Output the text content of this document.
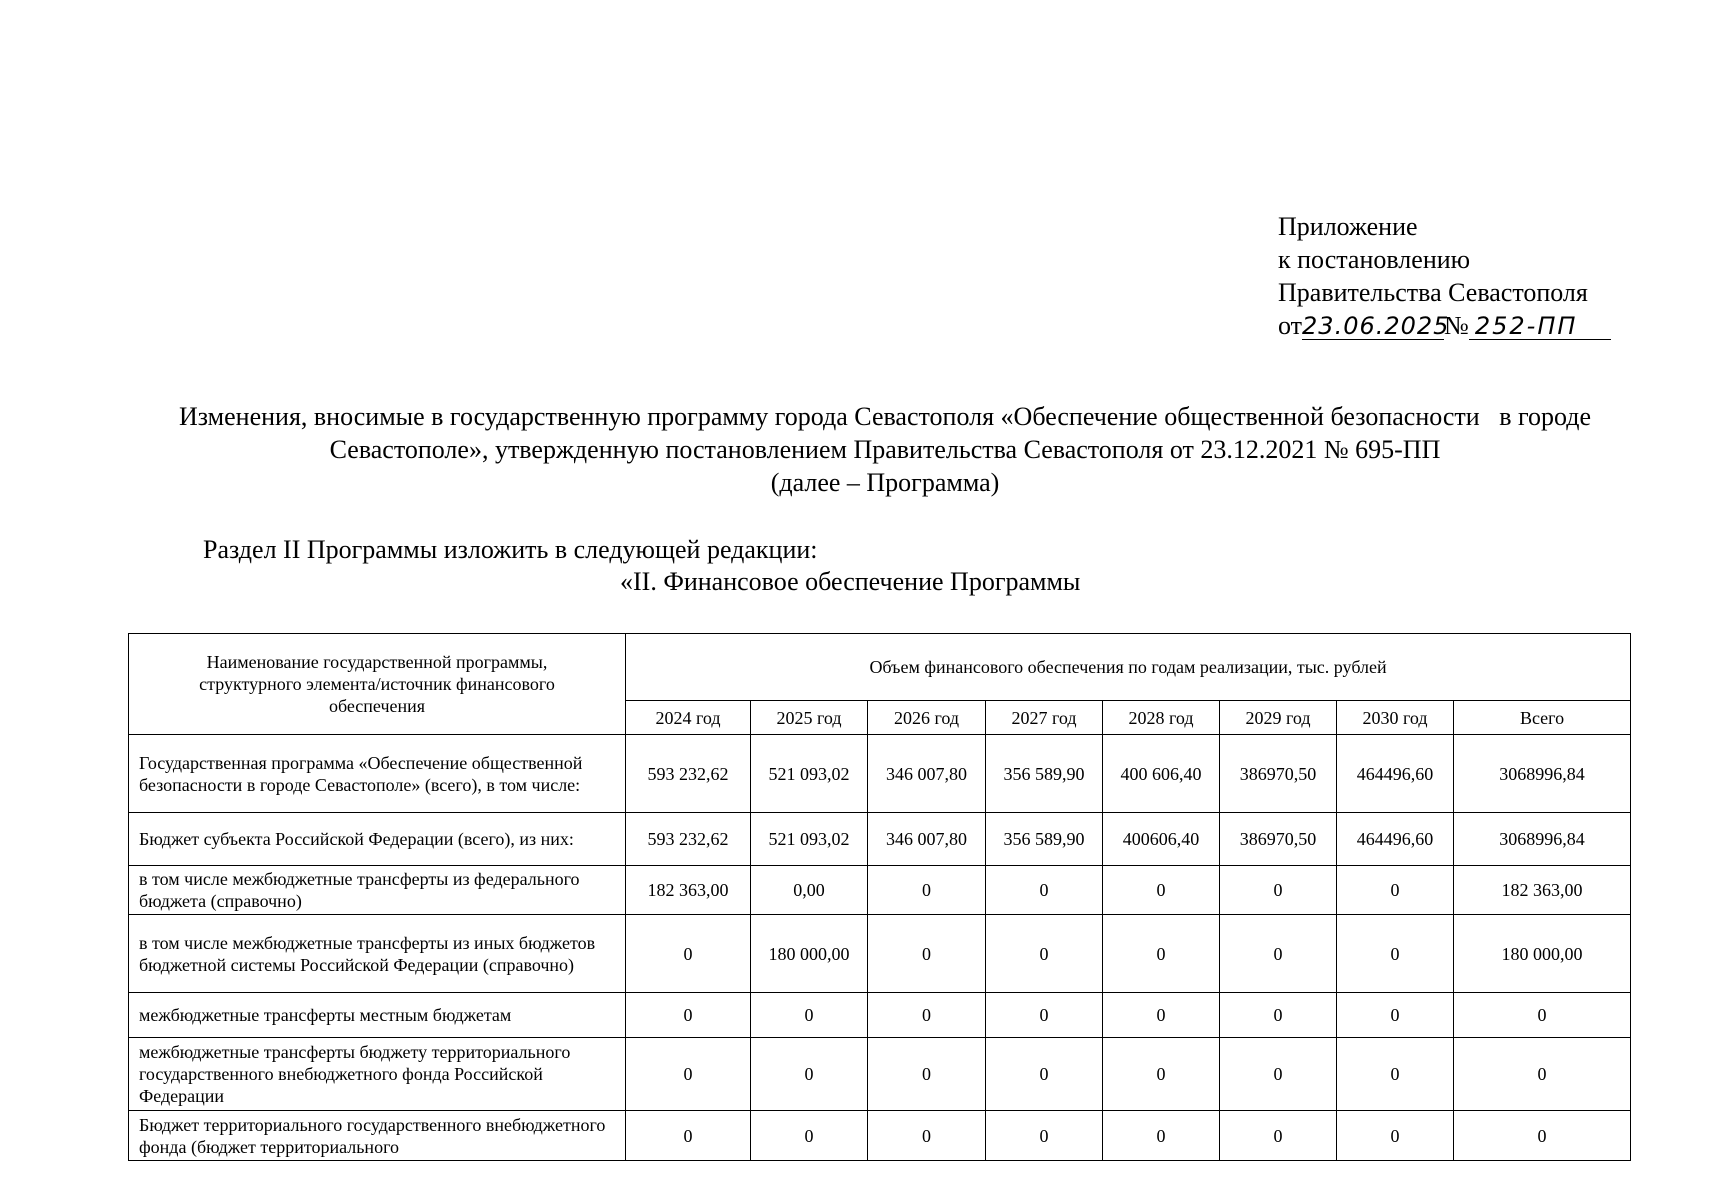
Приложение
к постановлению
Правительства Севастополя
от23.06.2025№ 252-ПП
Изменения, вносимые в государственную программу города Севастополя «Обеспечение общественной безопасности   в городе
Севастополе», утвержденную постановлением Правительства Севастополя от 23.12.2021 № 695-ПП
(далее – Программа)
Раздел II Программы изложить в следующей редакции:
«II. Финансовое обеспечение Программы
Наименование государственной программы, структурного элемента/источник финансового обеспечения	Объем финансового обеспечения по годам реализации, тыс. рублей							
	2024 год	2025 год	2026 год	2027 год	2028 год	2029 год	2030 год	Всего
Государственная программа «Обеспечение общественной безопасности в городе Севастополе» (всего), в том числе:	593 232,62	521 093,02	346 007,80	356 589,90	400 606,40	386970,50	464496,60	3068996,84
Бюджет субъекта Российской Федерации (всего), из них:	593 232,62	521 093,02	346 007,80	356 589,90	400606,40	386970,50	464496,60	3068996,84
в том числе межбюджетные трансферты из федерального бюджета (справочно)	182 363,00	0,00	0	0	0	0	0	182 363,00
в том числе межбюджетные трансферты из иных бюджетов бюджетной системы Российской Федерации (справочно)	0	180 000,00	0	0	0	0	0	180 000,00
межбюджетные трансферты местным бюджетам	0	0	0	0	0	0	0	0
межбюджетные трансферты бюджету территориального государственного внебюджетного фонда Российской Федерации	0	0	0	0	0	0	0	0
Бюджет территориального государственного внебюджетного фонда (бюджет территориального	0	0	0	0	0	0	0	0
